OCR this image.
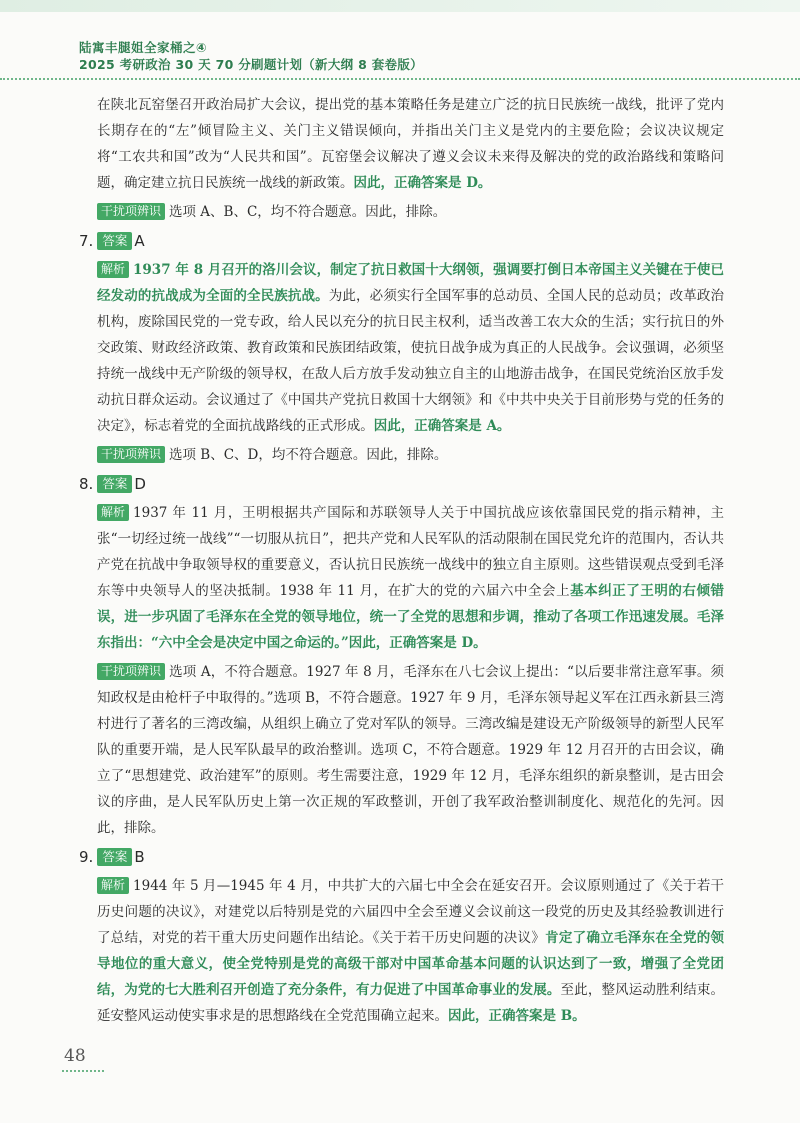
陆寓丰腿姐全家桶之④
2025 考研政治 30 天 70 分刷题计划（新大纲 8 套卷版）

在陕北瓦窑堡召开政治局扩大会议，提出党的基本策略任务是建立广泛的抗日民族统一战线，批评了党内长期存在的“左”倾冒险主义、关门主义错误倾向，并指出关门主义是党内的主要危险；会议决议规定将“工农共和国”改为“人民共和国”。瓦窑堡会议解决了遵义会议未来得及解决的党的政治路线和策略问题，确定建立抗日民族统一战线的新政策。因此，正确答案是 D。

干扰项辨识 选项 A、B、C，均不符合题意。因此，排除。

7. 答案 A

解析 1937 年 8 月召开的洛川会议，制定了抗日救国十大纲领，强调要打倒日本帝国主义关键在于使已经发动的抗战成为全面的全民族抗战。为此，必须实行全国军事的总动员、全国人民的总动员；改革政治机构，废除国民党的一党专政，给人民以充分的抗日民主权利，适当改善工农大众的生活；实行抗日的外交政策、财政经济政策、教育政策和民族团结政策，使抗日战争成为真正的人民战争。会议强调，必须坚持统一战线中无产阶级的领导权，在敌人后方放手发动独立自主的山地游击战争，在国民党统治区放手发动抗日群众运动。会议通过了《中国共产党抗日救国十大纲领》和《中共中央关于目前形势与党的任务的决定》，标志着党的全面抗战路线的正式形成。因此，正确答案是 A。

干扰项辨识 选项 B、C、D，均不符合题意。因此，排除。

8. 答案 D

解析 1937 年 11 月，王明根据共产国际和苏联领导人关于中国抗战应该依靠国民党的指示精神，主张“一切经过统一战线”“一切服从抗日”，把共产党和人民军队的活动限制在国民党允许的范围内，否认共产党在抗战中争取领导权的重要意义，否认抗日民族统一战线中的独立自主原则。这些错误观点受到毛泽东等中央领导人的坚决抵制。1938 年 11 月，在扩大的党的六届六中全会上基本纠正了王明的右倾错误，进一步巩固了毛泽东在全党的领导地位，统一了全党的思想和步调，推动了各项工作迅速发展。毛泽东指出：“六中全会是决定中国之命运的。”因此，正确答案是 D。

干扰项辨识 选项 A，不符合题意。1927 年 8 月，毛泽东在八七会议上提出：“以后要非常注意军事。须知政权是由枪杆子中取得的。”选项 B，不符合题意。1927 年 9 月，毛泽东领导起义军在江西永新县三湾村进行了著名的三湾改编，从组织上确立了党对军队的领导。三湾改编是建设无产阶级领导的新型人民军队的重要开端，是人民军队最早的政治整训。选项 C，不符合题意。1929 年 12 月召开的古田会议，确立了“思想建党、政治建军”的原则。考生需要注意，1929 年 12 月，毛泽东组织的新泉整训，是古田会议的序曲，是人民军队历史上第一次正规的军政整训，开创了我军政治整训制度化、规范化的先河。因此，排除。

9. 答案 B

解析 1944 年 5 月—1945 年 4 月，中共扩大的六届七中全会在延安召开。会议原则通过了《关于若干历史问题的决议》，对建党以后特别是党的六届四中全会至遵义会议前这一段党的历史及其经验教训进行了总结，对党的若干重大历史问题作出结论。《关于若干历史问题的决议》肯定了确立毛泽东在全党的领导地位的重大意义，使全党特别是党的高级干部对中国革命基本问题的认识达到了一致，增强了全党团结，为党的七大胜利召开创造了充分条件，有力促进了中国革命事业的发展。至此，整风运动胜利结束。延安整风运动使实事求是的思想路线在全党范围确立起来。因此，正确答案是 B。

48
